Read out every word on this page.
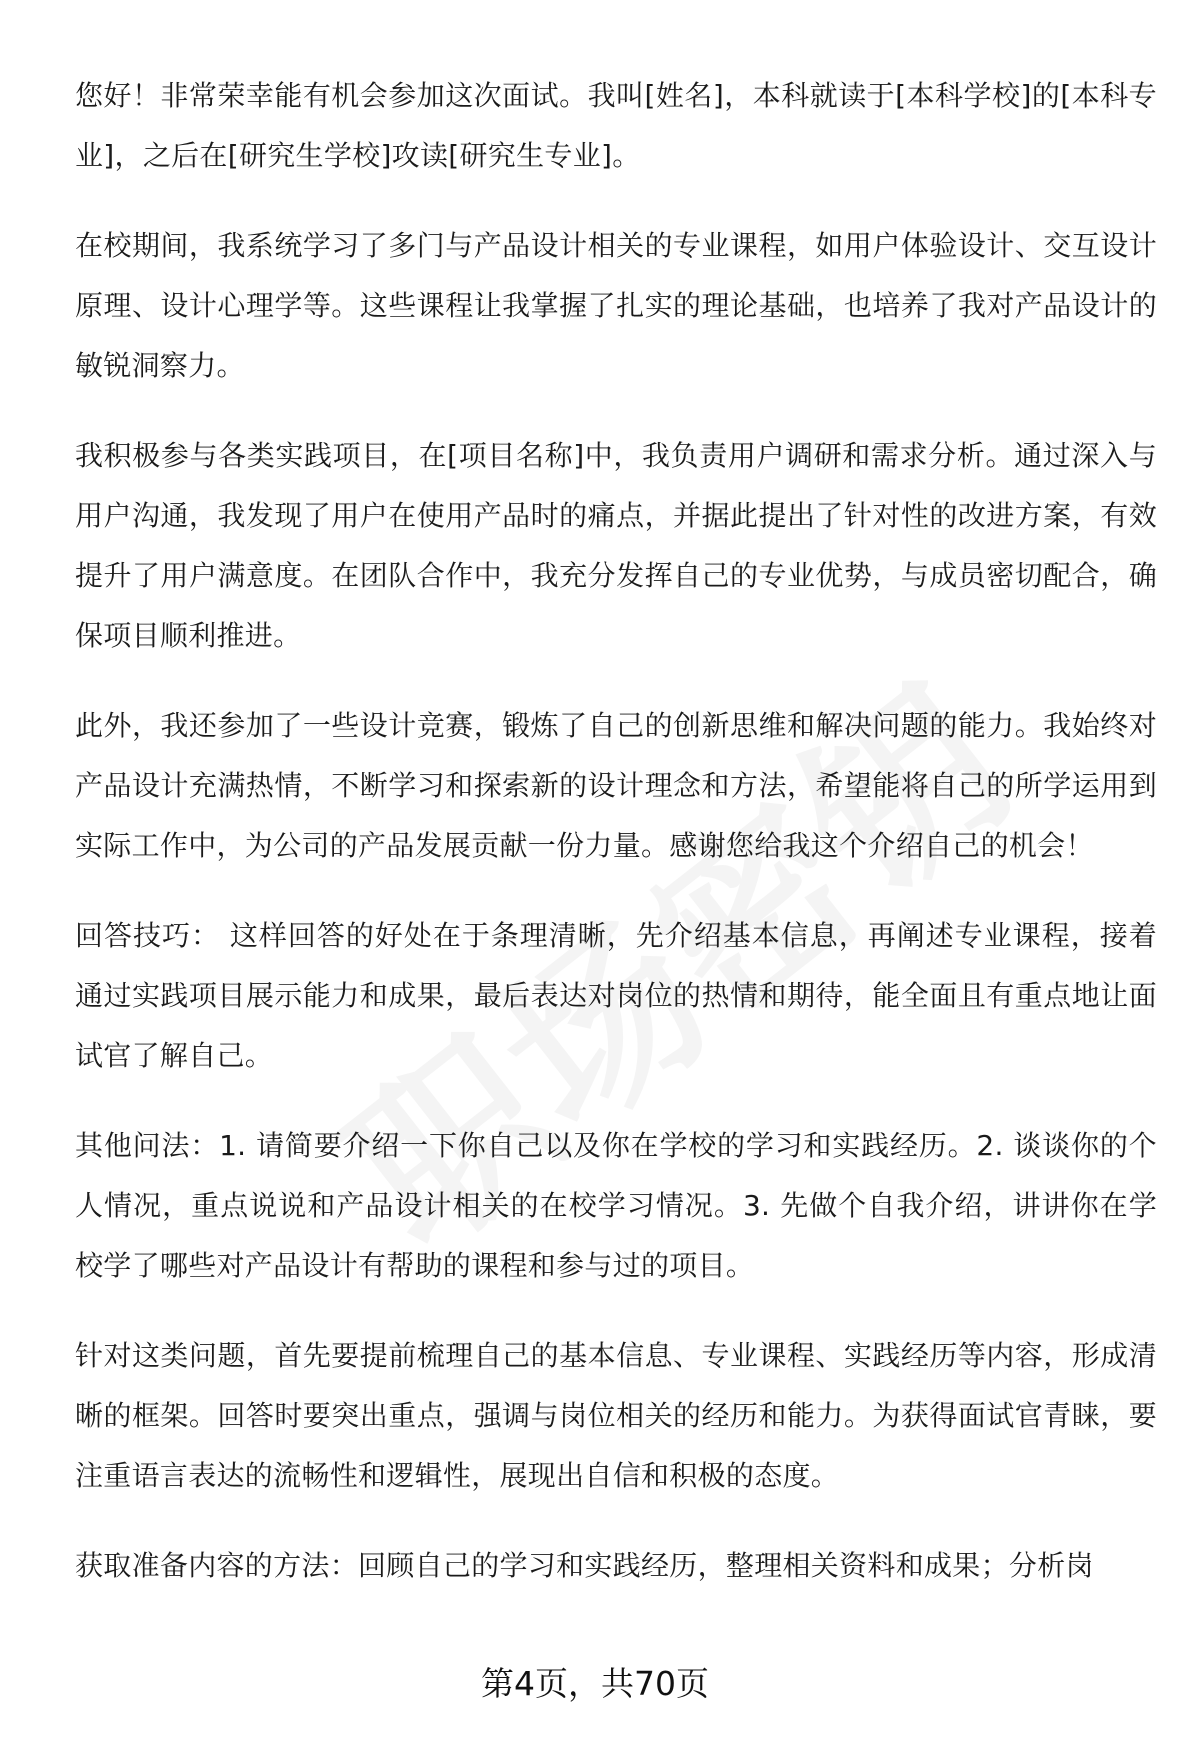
您好！非常荣幸能有机会参加这次面试。我叫[姓名]，本科就读于[本科学校]的[本科专业]，之后在[研究生学校]攻读[研究生专业]。

在校期间，我系统学习了多门与产品设计相关的专业课程，如用户体验设计、交互设计原理、设计心理学等。这些课程让我掌握了扎实的理论基础，也培养了我对产品设计的敏锐洞察力。

我积极参与各类实践项目，在[项目名称]中，我负责用户调研和需求分析。通过深入与用户沟通，我发现了用户在使用产品时的痛点，并据此提出了针对性的改进方案，有效提升了用户满意度。在团队合作中，我充分发挥自己的专业优势，与成员密切配合，确保项目顺利推进。

此外，我还参加了一些设计竞赛，锻炼了自己的创新思维和解决问题的能力。我始终对产品设计充满热情，不断学习和探索新的设计理念和方法，希望能将自己的所学运用到实际工作中，为公司的产品发展贡献一份力量。感谢您给我这个介绍自己的机会！

回答技巧： 这样回答的好处在于条理清晰，先介绍基本信息，再阐述专业课程，接着通过实践项目展示能力和成果，最后表达对岗位的热情和期待，能全面且有重点地让面试官了解自己。

其他问法：1. 请简要介绍一下你自己以及你在学校的学习和实践经历。2. 谈谈你的个人情况，重点说说和产品设计相关的在校学习情况。3. 先做个自我介绍，讲讲你在学校学了哪些对产品设计有帮助的课程和参与过的项目。

针对这类问题，首先要提前梳理自己的基本信息、专业课程、实践经历等内容，形成清晰的框架。回答时要突出重点，强调与岗位相关的经历和能力。为获得面试官青睐，要注重语言表达的流畅性和逻辑性，展现出自信和积极的态度。

获取准备内容的方法：回顾自己的学习和实践经历，整理相关资料和成果；分析岗

第4页，共70页
